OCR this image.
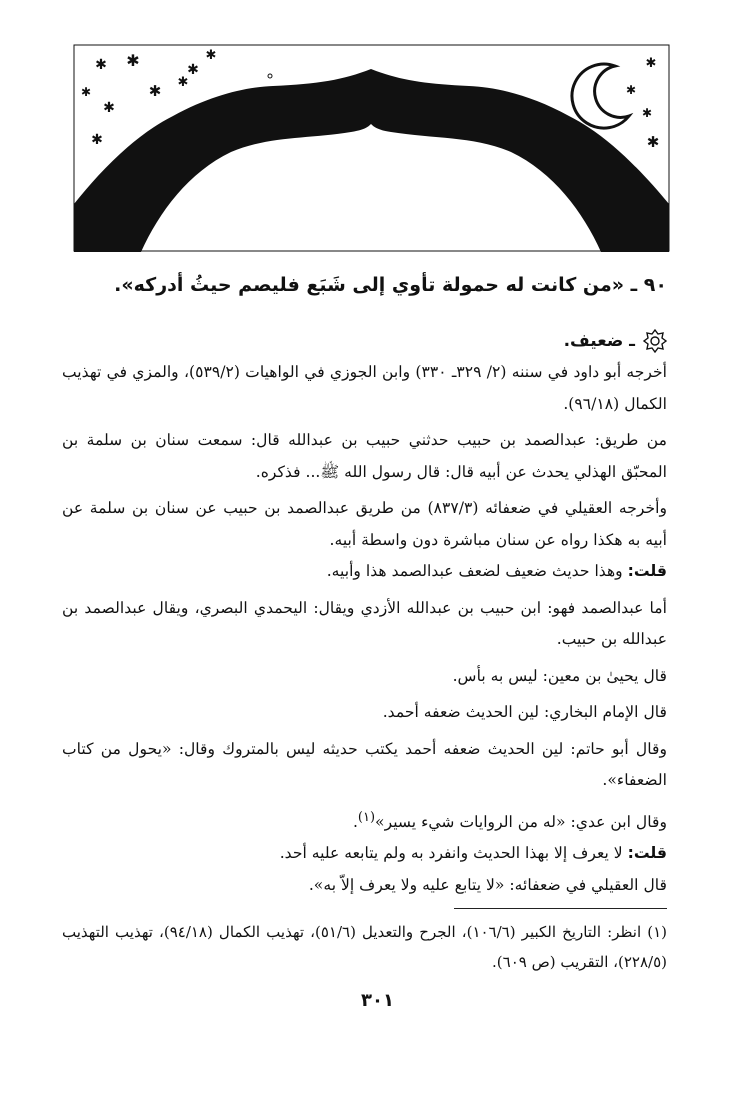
✱	✱
✱
✱
✱
✱
✱
✱
✱
✱
✱
✱
✱
٩٠ ـ «من كانت له حمولة تأوي إلى شَبَع فليصم حيثُ أدركه».
ـ ضعيف.

أخرجه أبو داود في سننه (٢/ ٣٢٩ـ ٣٣٠) وابن الجوزي في الواهيات (٥٣٩/٢)، والمزي في تهذيب الكمال (٩٦/١٨).

من طريق: عبدالصمد بن حبيب حدثني حبيب بن عبدالله قال: سمعت سنان بن سلمة بن المحبّق الهذلي يحدث عن أبيه قال: قال رسول الله ﷺ... فذكره.

وأخرجه العقيلي في ضعفائه (٨٣٧/٣) من طريق عبدالصمد بن حبيب عن سنان بن سلمة عن أبيه به هكذا رواه عن سنان مباشرة دون واسطة أبيه.

قلت: وهذا حديث ضعيف لضعف عبدالصمد هذا وأبيه.

أما عبدالصمد فهو: ابن حبيب بن عبدالله الأزدي ويقال: اليحمدي البصري، ويقال عبدالصمد بن عبدالله بن حبيب.

قال يحيىٰ بن معين: ليس به بأس.

قال الإمام البخاري: لين الحديث ضعفه أحمد.

وقال أبو حاتم: لين الحديث ضعفه أحمد يكتب حديثه ليس بالمتروك وقال: «يحول من كتاب الضعفاء».

وقال ابن عدي: «له من الروايات شيء يسير»$^{(١)}$.

قلت: لا يعرف إلا بهذا الحديث وانفرد به ولم يتابعه عليه أحد.

قال العقيلي في ضعفائه: «لا يتابع عليه ولا يعرف إلاّ به».

(١) انظر: التاريخ الكبير (١٠٦/٦)، الجرح والتعديل (٥١/٦)، تهذيب الكمال (٩٤/١٨)، تهذيب التهذيب (٢٢٨/٥)، التقريب (ص ٦٠٩).

٣٠١
